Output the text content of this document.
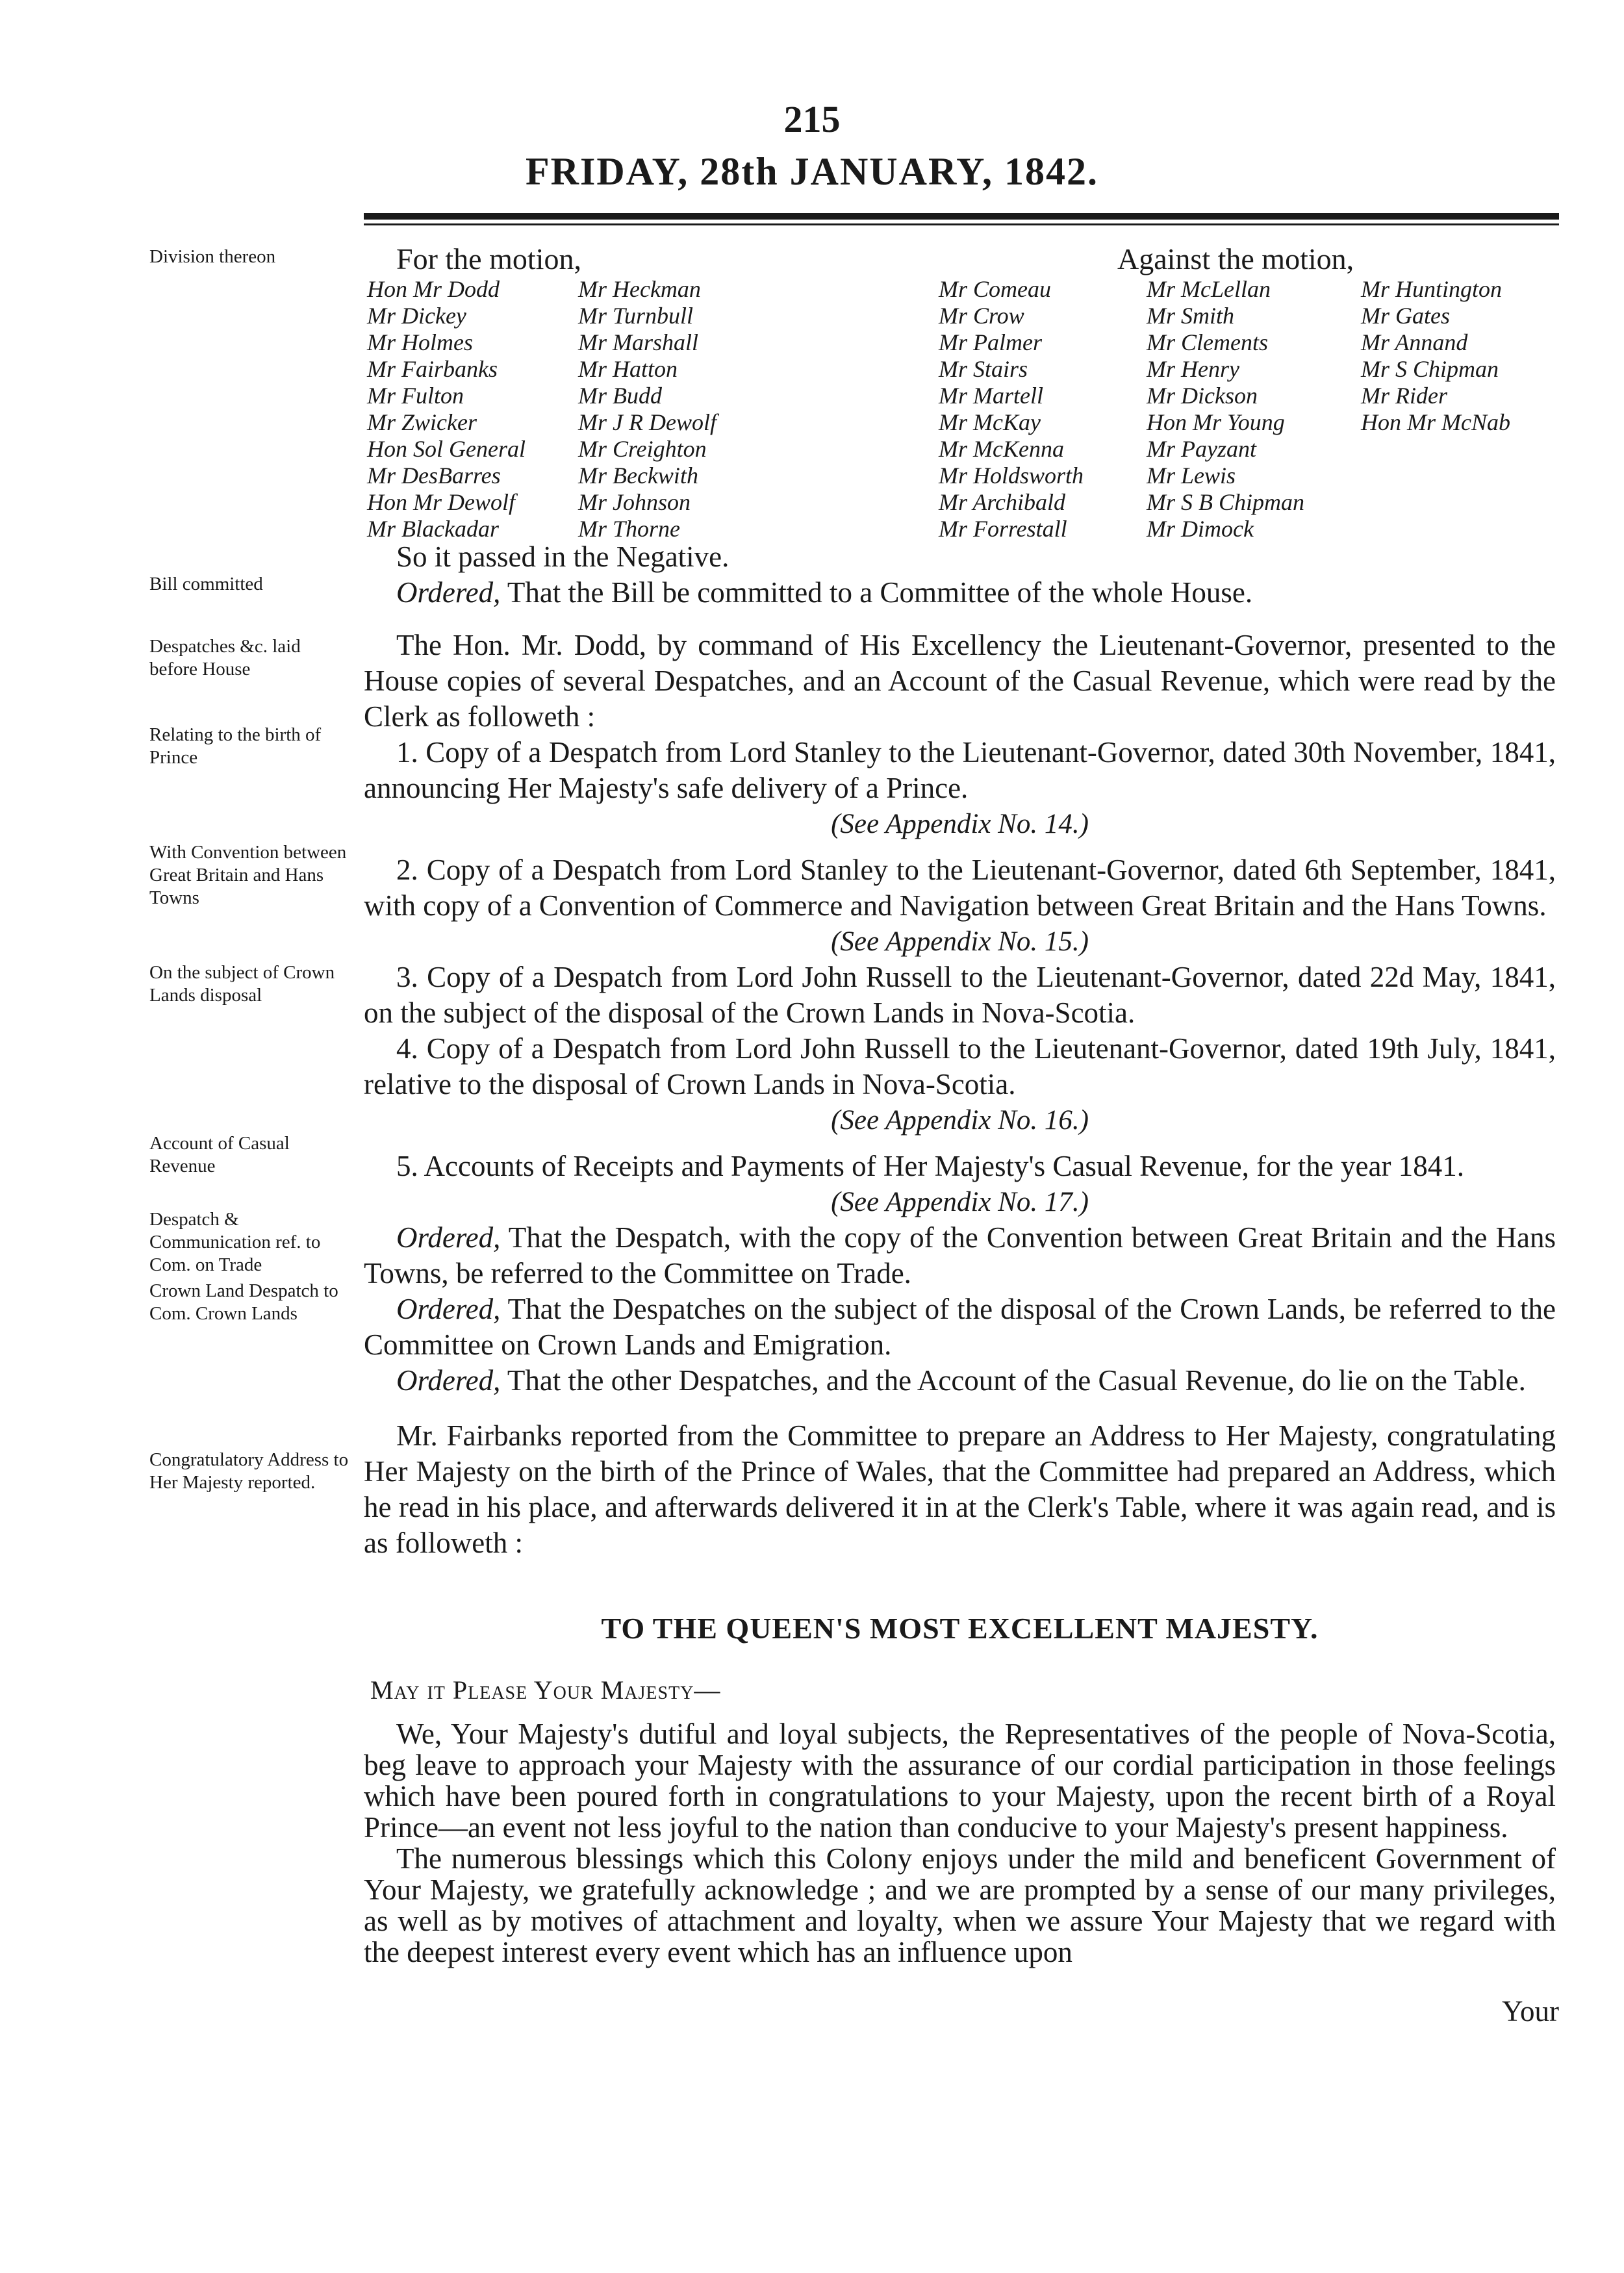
215
FRIDAY, 28th JANUARY, 1842.
Division thereon
Bill committed
Despatches &c. laid before House
Relating to the birth of Prince
With Convention between Great Britain and Hans Towns
On the subject of Crown Lands disposal
Account of Casual Revenue
Despatch & Communication ref. to Com. on Trade
Crown Land Despatch to Com. Crown Lands
Congratulatory Address to Her Majesty reported.
For the motion,	Against the motion,
Hon Mr Dodd
Mr Dickey
Mr Holmes
Mr Fairbanks
Mr Fulton
Mr Zwicker
Hon Sol General
Mr DesBarres
Hon Mr Dewolf
Mr Blackadar
Mr Heckman
Mr Turnbull
Mr Marshall
Mr Hatton
Mr Budd
Mr J R Dewolf
Mr Creighton
Mr Beckwith
Mr Johnson
Mr Thorne
Mr Comeau
Mr Crow
Mr Palmer
Mr Stairs
Mr Martell
Mr McKay
Mr McKenna
Mr Holdsworth
Mr Archibald
Mr Forrestall
Mr McLellan
Mr Smith
Mr Clements
Mr Henry
Mr Dickson
Hon Mr Young
Mr Payzant
Mr Lewis
Mr S B Chipman
Mr Dimock
Mr Huntington
Mr Gates
Mr Annand
Mr S Chipman
Mr Rider
Hon Mr McNab

So it passed in the Negative.

Ordered, That the Bill be committed to a Committee of the whole House.

The Hon. Mr. Dodd, by command of His Excellency the Lieutenant-Governor, presented to the House copies of several Despatches, and an Account of the Casual Revenue, which were read by the Clerk as followeth :

1. Copy of a Despatch from Lord Stanley to the Lieutenant-Governor, dated 30th November, 1841, announcing Her Majesty's safe delivery of a Prince.

(See Appendix No. 14.)

2. Copy of a Despatch from Lord Stanley to the Lieutenant-Governor, dated 6th September, 1841, with copy of a Convention of Commerce and Navigation between Great Britain and the Hans Towns.

(See Appendix No. 15.)

3. Copy of a Despatch from Lord John Russell to the Lieutenant-Governor, dated 22d May, 1841, on the subject of the disposal of the Crown Lands in Nova-Scotia.

4. Copy of a Despatch from Lord John Russell to the Lieutenant-Governor, dated 19th July, 1841, relative to the disposal of Crown Lands in Nova-Scotia.

(See Appendix No. 16.)

5. Accounts of Receipts and Payments of Her Majesty's Casual Revenue, for the year 1841.

(See Appendix No. 17.)

Ordered, That the Despatch, with the copy of the Convention between Great Britain and the Hans Towns, be referred to the Committee on Trade.

Ordered, That the Despatches on the subject of the disposal of the Crown Lands, be referred to the Committee on Crown Lands and Emigration.

Ordered, That the other Despatches, and the Account of the Casual Revenue, do lie on the Table.

Mr. Fairbanks reported from the Committee to prepare an Address to Her Majesty, congratulating Her Majesty on the birth of the Prince of Wales, that the Committee had prepared an Address, which he read in his place, and afterwards delivered it in at the Clerk's Table, where it was again read, and is as followeth :

TO THE QUEEN'S MOST EXCELLENT MAJESTY.
May it Please Your Majesty—

We, Your Majesty's dutiful and loyal subjects, the Representatives of the people of Nova-Scotia, beg leave to approach your Majesty with the assurance of our cordial participation in those feelings which have been poured forth in congratulations to your Majesty, upon the recent birth of a Royal Prince—an event not less joyful to the nation than conducive to your Majesty's present happiness.

The numerous blessings which this Colony enjoys under the mild and beneficent Government of Your Majesty, we gratefully acknowledge ; and we are prompted by a sense of our many privileges, as well as by motives of attachment and loyalty, when we assure Your Majesty that we regard with the deepest interest every event which has an influence upon

Your
